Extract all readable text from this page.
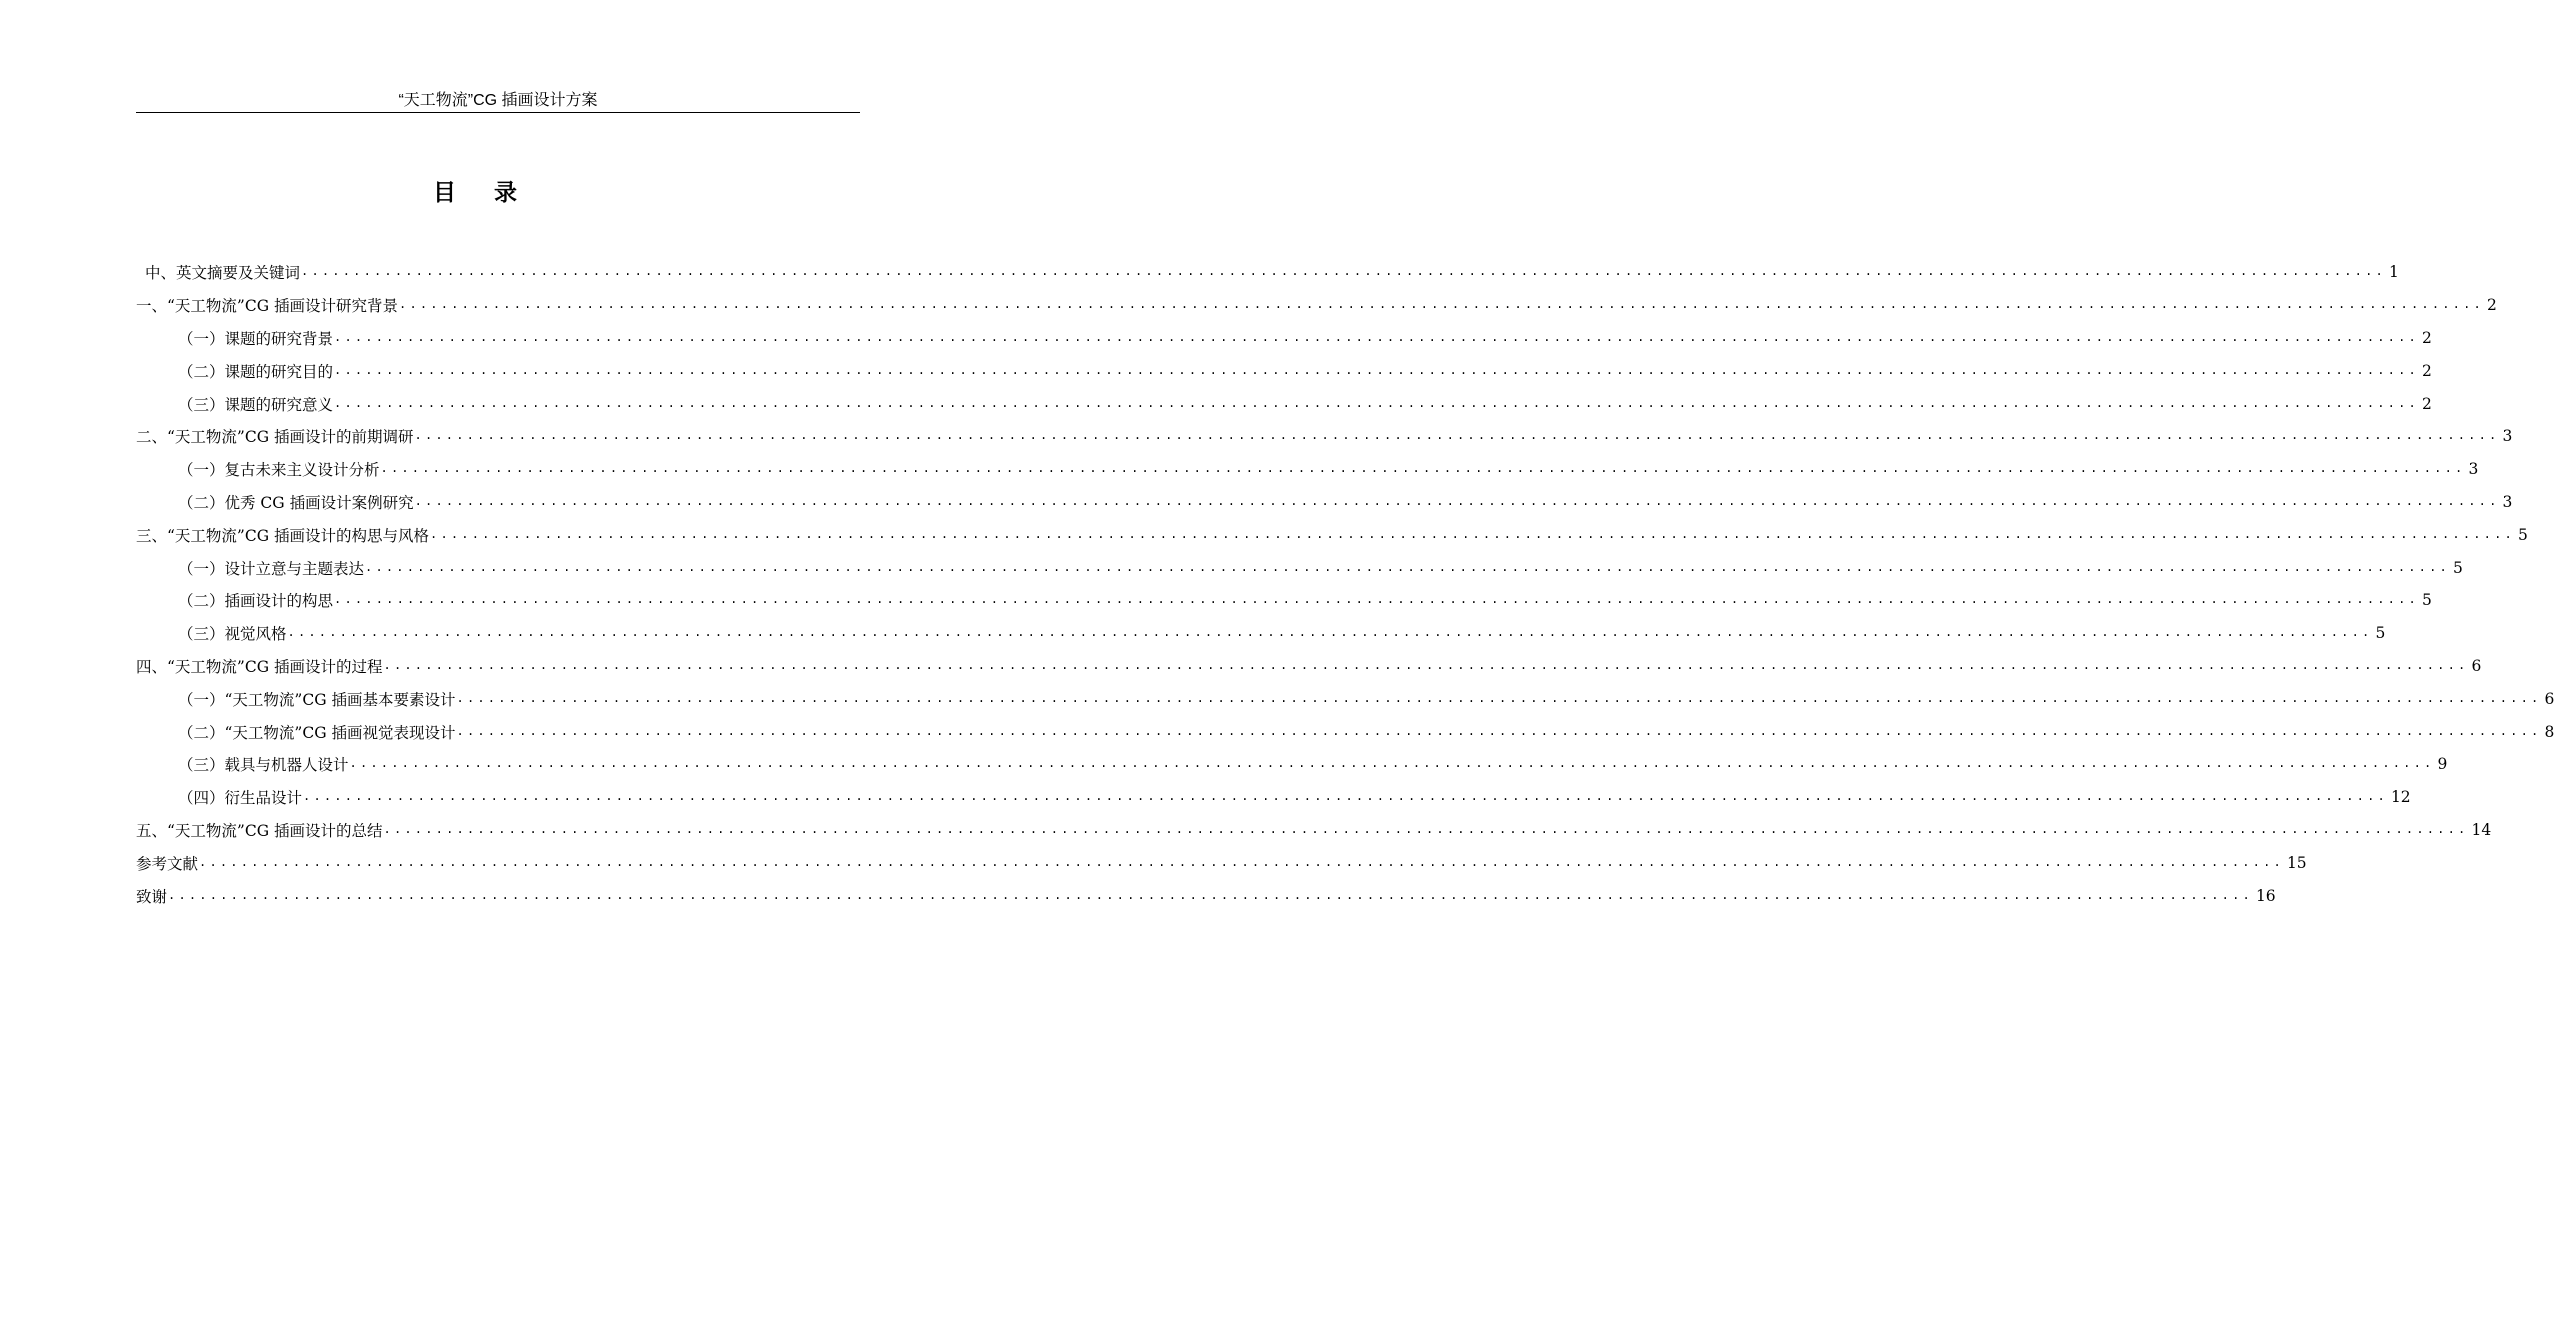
“天工物流”CG 插画设计方案
目录
中、英文摘要及关键词 ........................................................................................................................................................................................................ 1
一、“天工物流”CG 插画设计研究背景 ........................................................................................................................................................................................................ 2
（一）课题的研究背景 ........................................................................................................................................................................................................ 2
（二）课题的研究目的 ........................................................................................................................................................................................................ 2
（三）课题的研究意义 ........................................................................................................................................................................................................ 2
二、“天工物流”CG 插画设计的前期调研 ........................................................................................................................................................................................................ 3
（一）复古未来主义设计分析 ........................................................................................................................................................................................................ 3
（二）优秀 CG 插画设计案例研究 ........................................................................................................................................................................................................ 3
三、“天工物流”CG 插画设计的构思与风格 ........................................................................................................................................................................................................ 5
（一）设计立意与主题表达 ........................................................................................................................................................................................................ 5
（二）插画设计的构思 ........................................................................................................................................................................................................ 5
（三）视觉风格 ........................................................................................................................................................................................................ 5
四、“天工物流”CG 插画设计的过程 ........................................................................................................................................................................................................ 6
（一）“天工物流”CG 插画基本要素设计 ........................................................................................................................................................................................................ 6
（二）“天工物流”CG 插画视觉表现设计 ........................................................................................................................................................................................................ 8
（三）载具与机器人设计 ........................................................................................................................................................................................................ 9
（四）衍生品设计 ........................................................................................................................................................................................................ 12
五、“天工物流”CG 插画设计的总结 ........................................................................................................................................................................................................ 14
参考文献 ........................................................................................................................................................................................................ 15
致谢 ........................................................................................................................................................................................................ 16
